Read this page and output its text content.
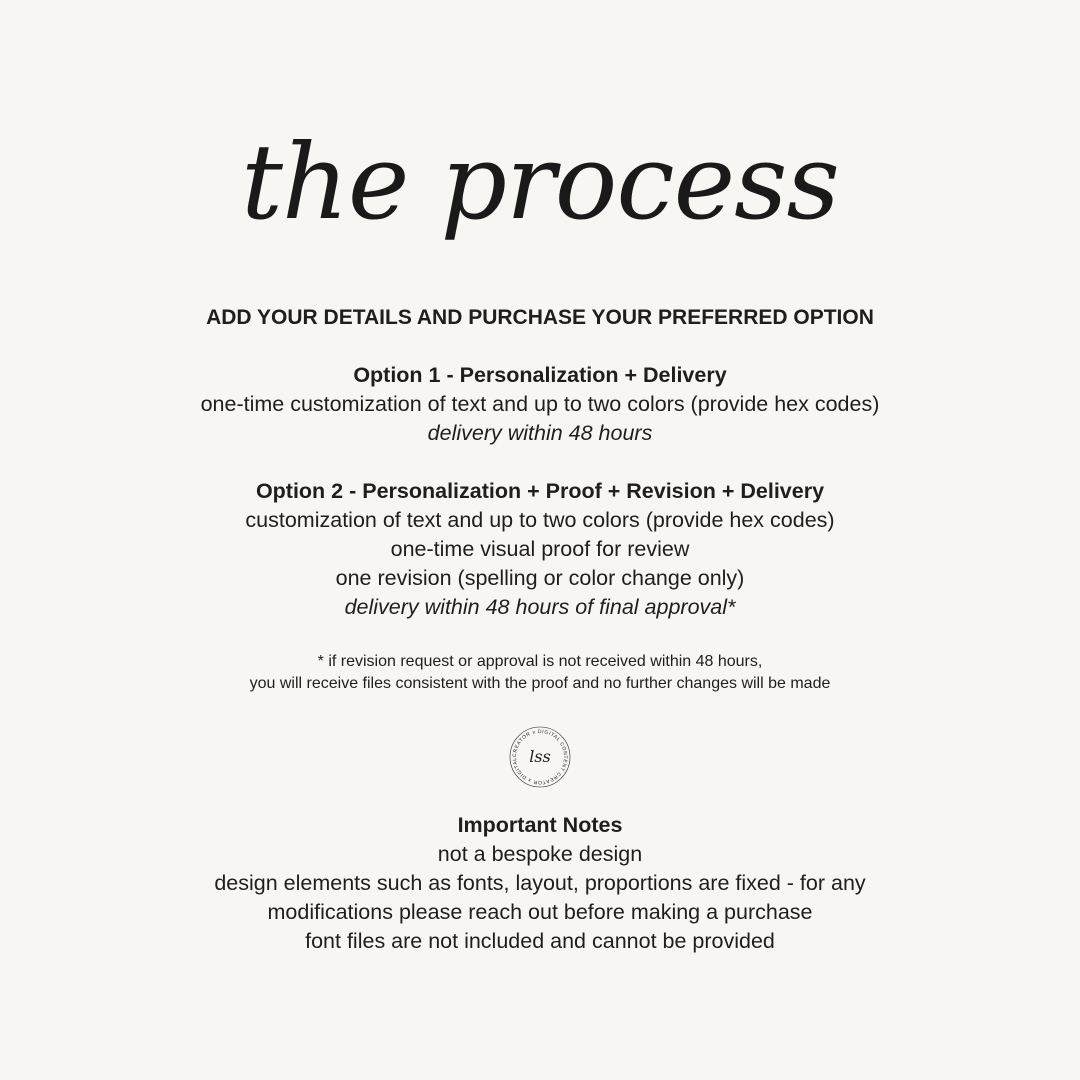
the process
ADD YOUR DETAILS AND PURCHASE YOUR PREFERRED OPTION
Option 1 - Personalization + Delivery
one-time customization of text and up to two colors (provide hex codes)
delivery within 48 hours
Option 2 - Personalization + Proof + Revision + Delivery
customization of text and up to two colors (provide hex codes)
one-time visual proof for review
one revision (spelling or color change only)
delivery within 48 hours of final approval*
* if revision request or approval is not received within 48 hours,
you will receive files consistent with the proof and no further changes will be made
CREATOR x DIGITAL CONTENT CREATOR x DIGITAL lss
Important Notes
not a bespoke design
design elements such as fonts, layout, proportions are fixed - for any
modifications please reach out before making a purchase
font files are not included and cannot be provided
